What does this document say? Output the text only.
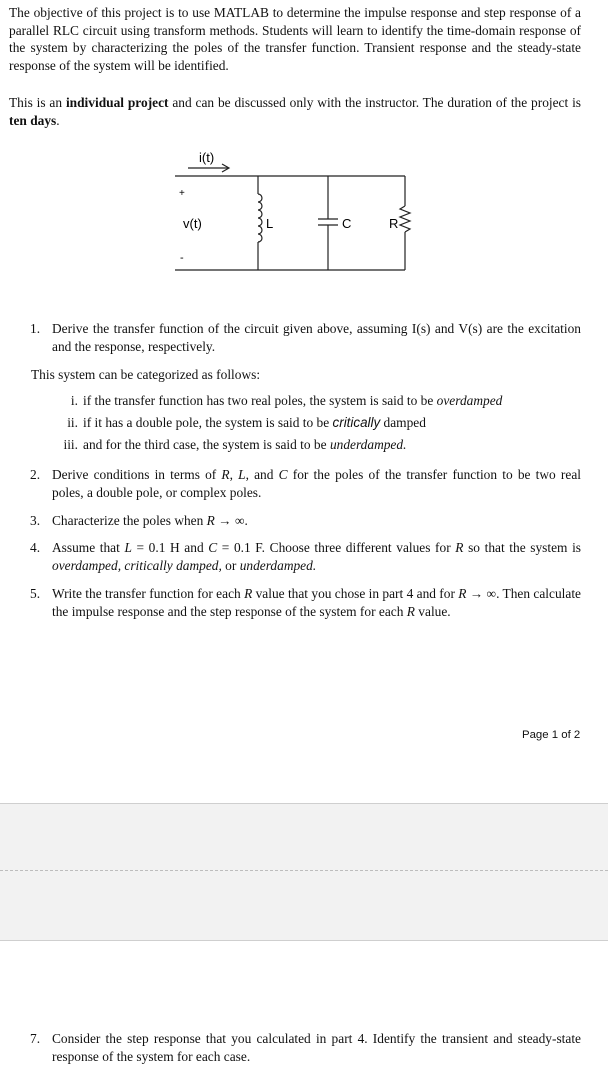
The objective of this project is to use MATLAB to determine the impulse response and step response of a parallel RLC circuit using transform methods. Students will learn to identify the time-domain response of the system by characterizing the poles of the transfer function. Transient response and the steady-state response of the system will be identified.
This is an individual project and can be discussed only with the instructor. The duration of the project is ten days.
i(t)
+
v(t)
-
L	C	R
1. Derive the transfer function of the circuit given above, assuming I(s) and V(s) are the excitation and the response, respectively.
This system can be categorized as follows:
i. if the transfer function has two real poles, the system is said to be overdamped
ii. if it has a double pole, the system is said to be critically damped
iii. and for the third case, the system is said to be underdamped.
2. Derive conditions in terms of R, L, and C for the poles of the transfer function to be two real poles, a double pole, or complex poles.
3. Characterize the poles when R → ∞.
4. Assume that L = 0.1 H and C = 0.1 F. Choose three different values for R so that the system is overdamped, critically damped, or underdamped.
5. Write the transfer function for each R value that you chose in part 4 and for R → ∞. Then calculate the impulse response and the step response of the system for each R value.
Page 1 of 2
7. Consider the step response that you calculated in part 4. Identify the transient and steady-state response of the system for each case.
